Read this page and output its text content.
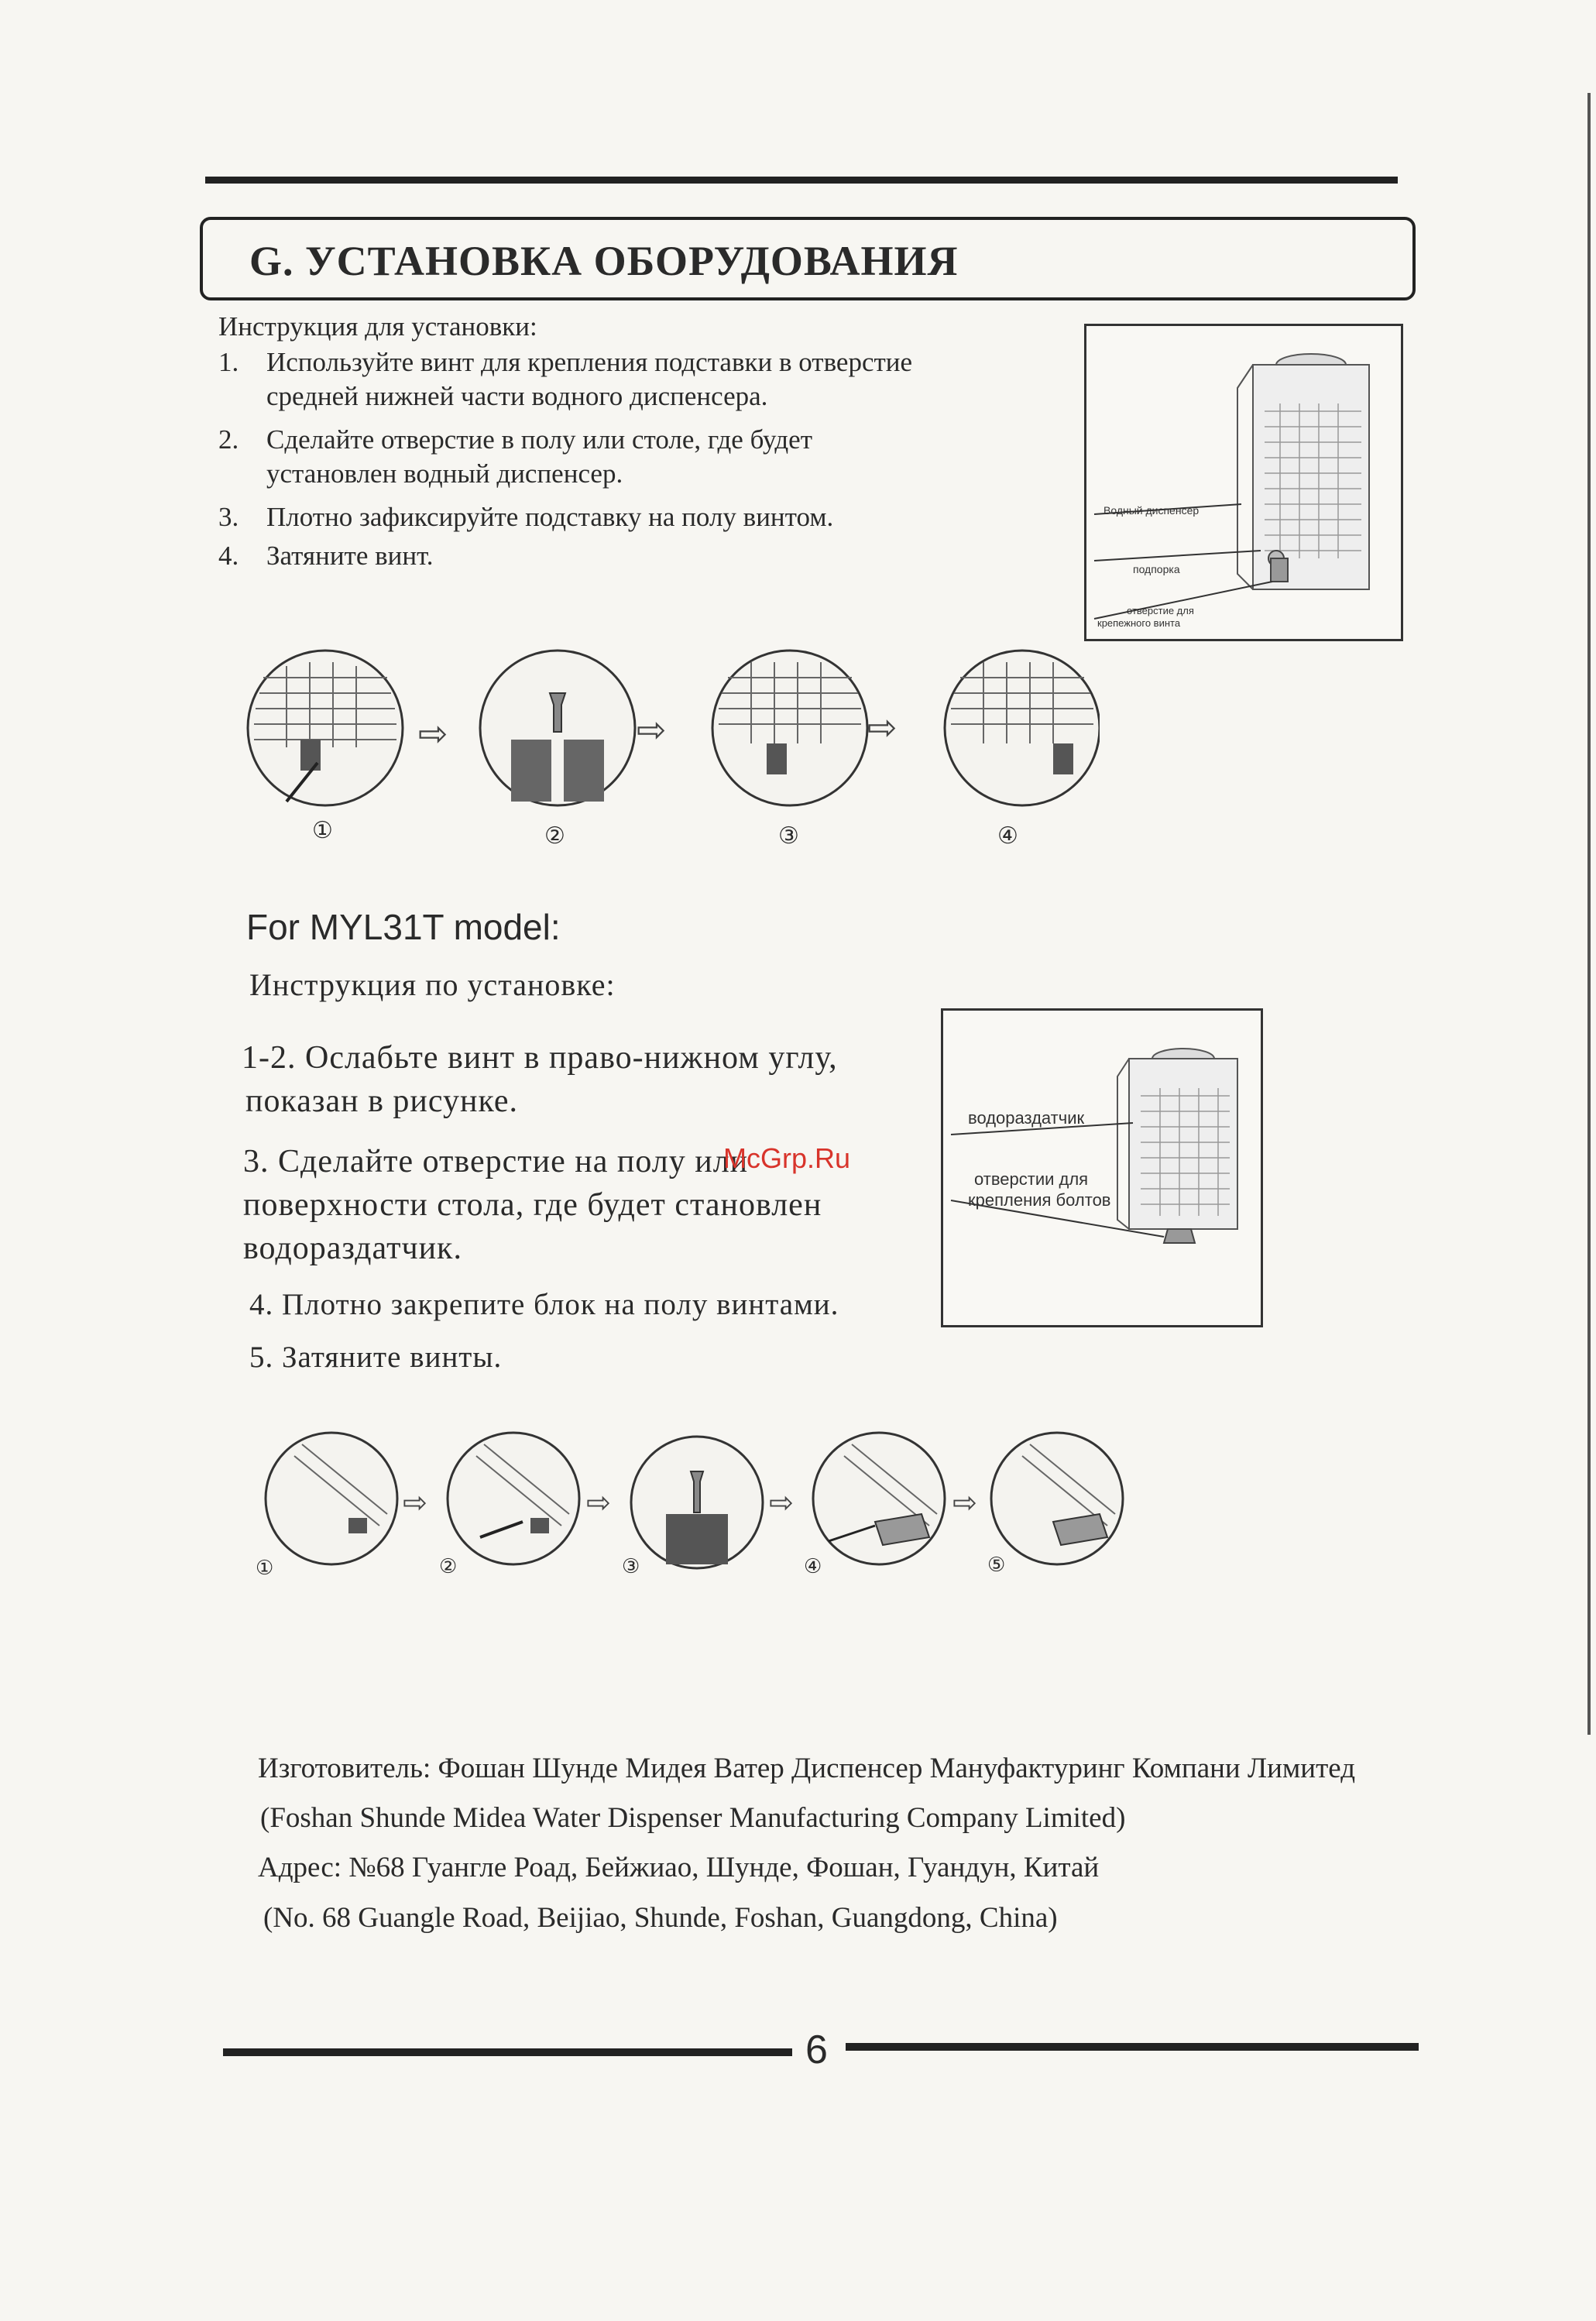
G. УСТАНОВКА ОБОРУДОВАНИЯ
Инструкция для установки:
1. Используйте винт для крепления подставки в отверстие
средней нижней части водного диспенсера.
2. Сделайте отверстие в полу или столе, где будет
установлен водный диспенсер.
3. Плотно зафиксируйте подставку на полу винтом.
4. Затяните винт.
Водный диспенсер
подпорка
отверстие для
крепежного винта
⇨	⇨	⇨
①	②	③	④
For MYL31T model:
Инструкция по установке:
1-2. Ослабьте винт в право-нижном углу,
показан в рисунке.
3. Сделайте отверстие на полу или
поверхности стола, где будет становлен
водораздатчик.
4. Плотно закрепите блок на полу винтами.
5. Затяните винты.
McGrp.Ru
водораздатчик
отверстии для
крепления болтов
⇨	⇨	⇨	⇨
①	②	③	④	⑤
Изготовитель: Фошан Шунде Мидея Ватер Диспенсер Мануфактуринг Компани Лимитед
(Foshan Shunde Midea Water Dispenser Manufacturing Company Limited)
Адрес: №68 Гуангле Роад, Бейжиао, Шунде, Фошан, Гуандун, Китай
(No. 68 Guangle Road, Beijiao, Shunde, Foshan, Guangdong, China)
6
